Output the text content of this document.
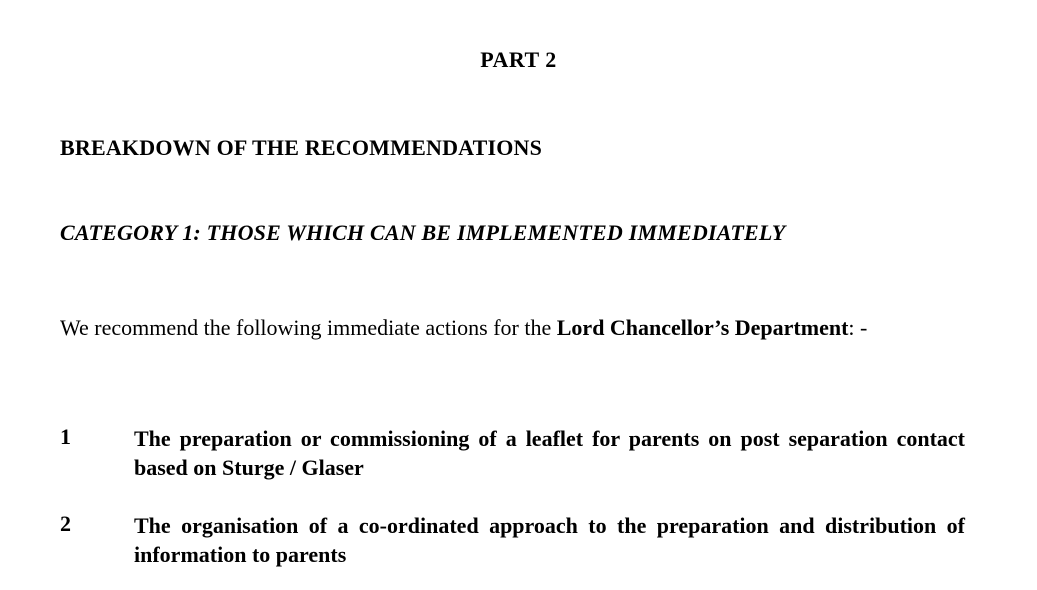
PART 2
BREAKDOWN OF THE RECOMMENDATIONS
CATEGORY 1: THOSE WHICH CAN BE IMPLEMENTED IMMEDIATELY
We recommend the following immediate actions for the Lord Chancellor’s Department: -
1	The preparation or commissioning of a leaflet for parents on post separation contact based on Sturge / Glaser
2	The organisation of a co-ordinated approach to the preparation and distribution of information to parents
